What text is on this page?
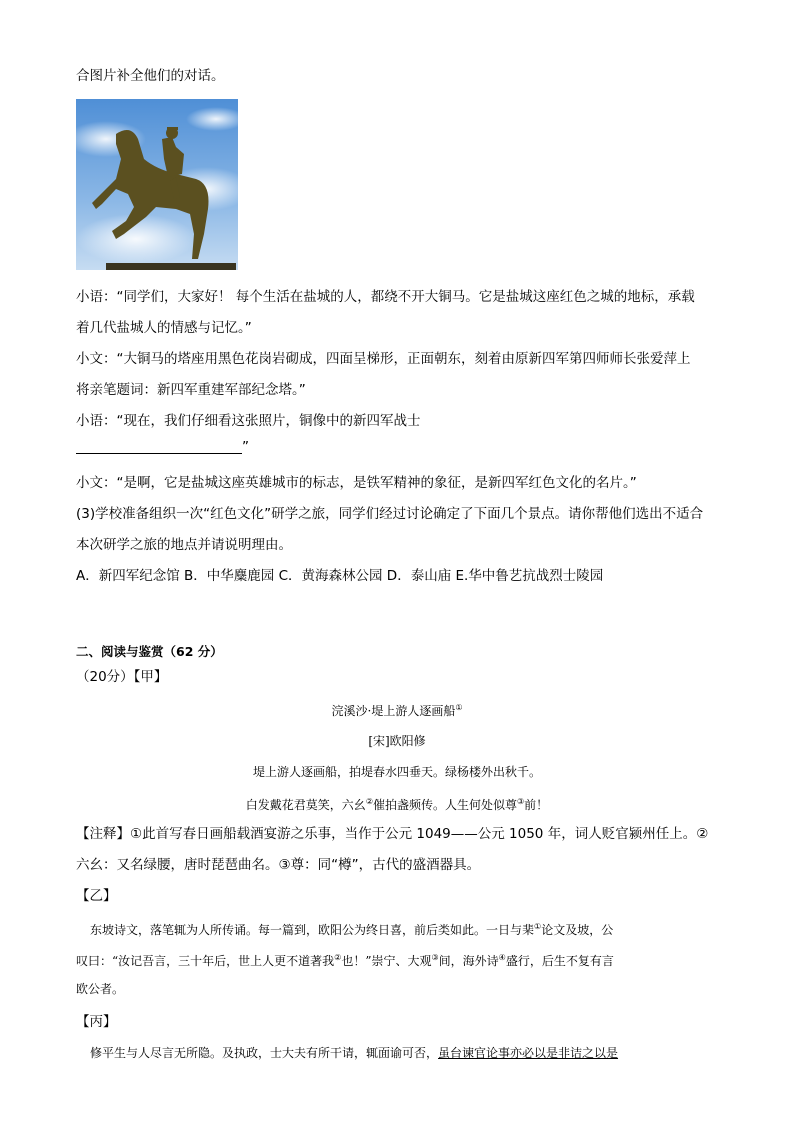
合图片补全他们的对话。
小语：“同学们，大家好！ 每个生活在盐城的人，都绕不开大铜马。它是盐城这座红色之城的地标，承载
着几代盐城人的情感与记忆。”
小文：“大铜马的塔座用黑色花岗岩砌成，四面呈梯形，正面朝东，刻着由原新四军第四师师长张爱萍上
将亲笔题词：新四军重建军部纪念塔。”
小语：“现在，我们仔细看这张照片，铜像中的新四军战士
”
小文：“是啊，它是盐城这座英雄城市的标志，是铁军精神的象征，是新四军红色文化的名片。”
(3)学校准备组织一次“红色文化”研学之旅，同学们经过讨论确定了下面几个景点。请你帮他们选出不适合
本次研学之旅的地点并请说明理由。
A．新四军纪念馆 B．中华麋鹿园 C．黄海森林公园 D．泰山庙 E.华中鲁艺抗战烈士陵园
二、阅读与鉴赏（62 分）
（20分）【甲】
浣溪沙·堤上游人逐画船①
[宋]欧阳修
堤上游人逐画船，拍堤春水四垂天。绿杨楼外出秋千。
白发戴花君莫笑，六幺②催拍盏频传。人生何处似尊③前！
【注释】①此首写春日画船载酒宴游之乐事，当作于公元 1049——公元 1050 年，词人贬官颍州任上。②
六幺：又名绿腰，唐时琵琶曲名。③尊：同“樽”，古代的盛酒器具。
【乙】
东坡诗文，落笔辄为人所传诵。每一篇到，欧阳公为终日喜，前后类如此。一日与棐①论文及坡，公
叹曰：“汝记吾言，三十年后，世上人更不道著我②也！”崇宁、大观③间，海外诗④盛行，后生不复有言
欧公者。
【丙】
修平生与人尽言无所隐。及执政，士大夫有所干请，辄面谕可否，虽台谏官论事亦必以是非诘之以是
